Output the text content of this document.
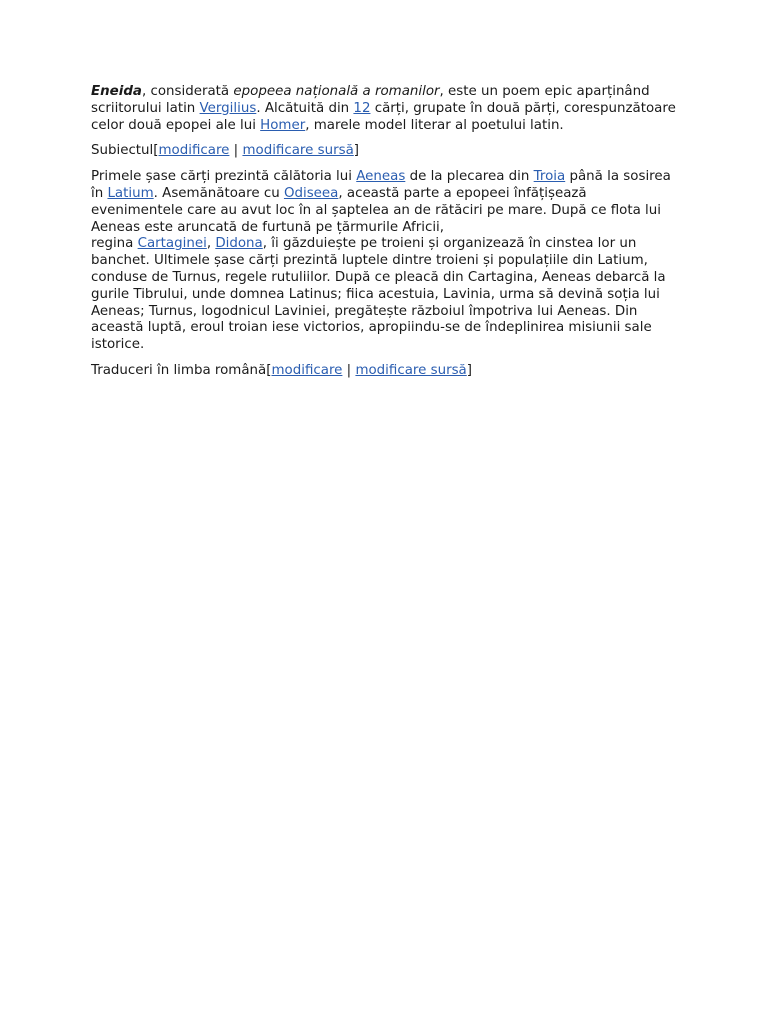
Eneida, considerată epopeea națională a romanilor, este un poem epic aparținând scriitorului latin Vergilius. Alcătuită din 12 cărți, grupate în două părți, corespunzătoare celor două epopei ale lui Homer, marele model literar al poetului latin.

Subiectul[modificare | modificare sursă]

Primele șase cărți prezintă călătoria lui Aeneas de la plecarea din Troia până la sosirea în Latium. Asemănătoare cu Odiseea, această parte a epopeei înfățișează evenimentele care au avut loc în al șaptelea an de rătăciri pe mare. După ce flota lui Aeneas este aruncată de furtună pe țărmurile Africii,
regina Cartaginei, Didona, îi găzduiește pe troieni și organizează în cinstea lor un banchet. Ultimele șase cărți prezintă luptele dintre troieni și populațiile din Latium, conduse de Turnus, regele rutuliilor. După ce pleacă din Cartagina, Aeneas debarcă la gurile Tibrului, unde domnea Latinus; fiica acestuia, Lavinia, urma să devină soția lui Aeneas; Turnus, logodnicul Laviniei, pregătește războiul împotriva lui Aeneas. Din această luptă, eroul troian iese victorios, apropiindu-se de îndeplinirea misiunii sale istorice.

Traduceri în limba română[modificare | modificare sursă]
